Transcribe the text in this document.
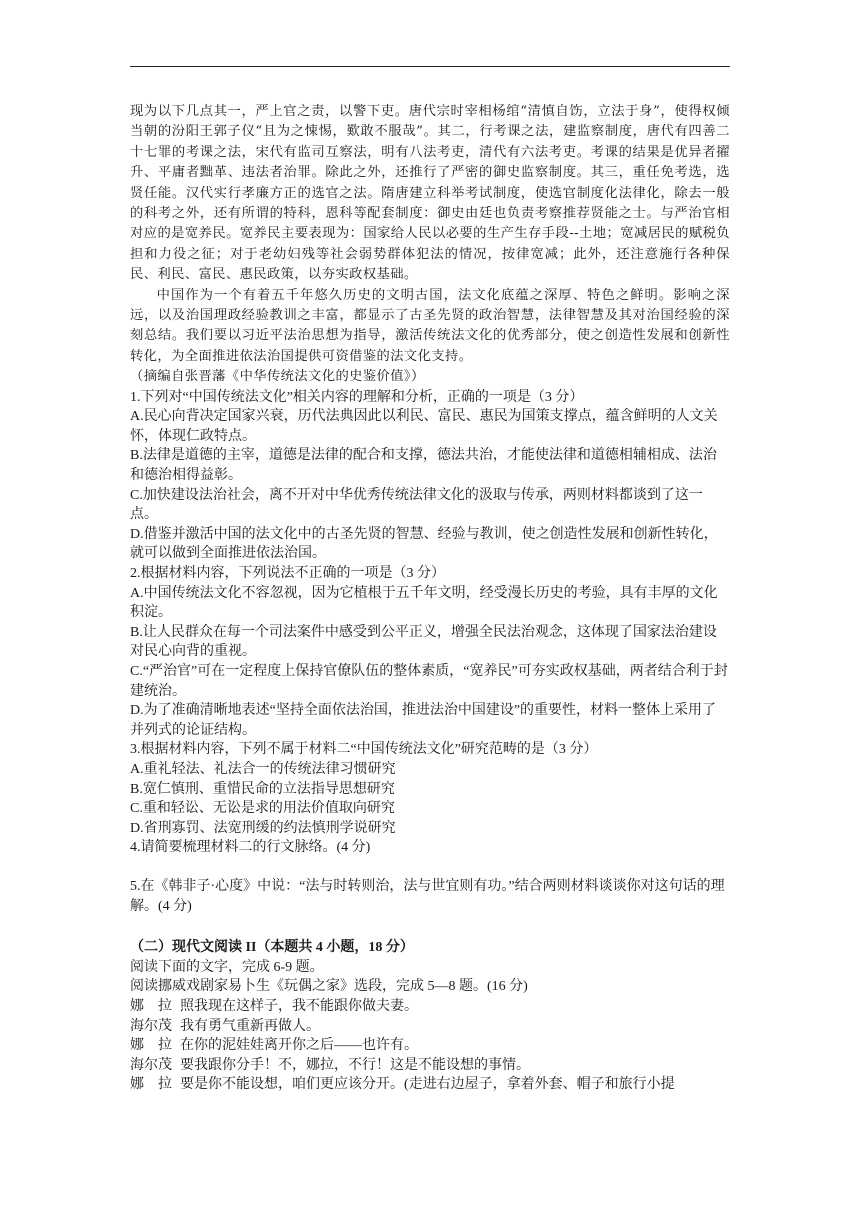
现为以下几点其一，严上官之责，以警下吏。唐代宗时宰相杨绾“清慎自饬，立法于身”，使得权倾当朝的汾阳王郭子仪“且为之悚惕，歎敢不服哉”。其二，行考课之法，建监察制度，唐代有四善二十七罪的考课之法，宋代有监司互察法，明有八法考吏，清代有六法考吏。考课的结果是优异者擢升、平庸者黜革、违法者治罪。除此之外，还推行了严密的御史监察制度。其三，重任免考选，选贤任能。汉代实行孝廉方正的选官之法。隋唐建立科举考试制度，使选官制度化法律化，除去一般的科考之外，还有所谓的特科，恩科等配套制度：御史由廷也负责考察推荐贤能之士。与严治官相对应的是宽养民。宽养民主要表现为：国家给人民以必要的生产生存手段--土地；宽减居民的赋税负担和力役之征；对于老幼妇残等社会弱势群体犯法的情况，按律宽减；此外，还注意施行各种保民、利民、富民、惠民政策，以夯实政权基础。

中国作为一个有着五千年悠久历史的文明古国，法文化底蕴之深厚、特色之鲜明。影响之深远，以及治国理政经验教训之丰富，都显示了古圣先贤的政治智慧，法律智慧及其对治国经验的深刻总结。我们要以习近平法治思想为指导，激活传统法文化的优秀部分，使之创造性发展和创新性转化，为全面推进依法治国提供可资借鉴的法文化支持。

（摘编自张晋藩《中华传统法文化的史鉴价值》）

1.下列对“中国传统法文化”相关内容的理解和分析，正确的一项是（3 分）

A.民心向背决定国家兴衰，历代法典因此以利民、富民、惠民为国策支撑点，蕴含鲜明的人文关怀，体现仁政特点。

B.法律是道德的主宰，道德是法律的配合和支撑，德法共治，才能使法律和道德相辅相成、法治和德治相得益彰。

C.加快建设法治社会，离不开对中华优秀传统法律文化的汲取与传承，两则材料都谈到了这一点。

D.借鉴并激活中国的法文化中的古圣先贤的智慧、经验与教训，使之创造性发展和创新性转化，就可以做到全面推进依法治国。

2.根据材料内容，下列说法不正确的一项是（3 分）

A.中国传统法文化不容忽视，因为它植根于五千年文明，经受漫长历史的考验，具有丰厚的文化积淀。

B.让人民群众在每一个司法案件中感受到公平正义，增强全民法治观念，这体现了国家法治建设对民心向背的重视。

C.“严治官”可在一定程度上保持官僚队伍的整体素质，“宽养民”可夯实政权基础，两者结合利于封建统治。

D.为了准确清晰地表述“坚持全面依法治国，推进法治中国建设”的重要性，材料一整体上采用了并列式的论证结构。

3.根据材料内容，下列不属于材料二“中国传统法文化”研究范畴的是（3 分）

A.重礼轻法、礼法合一的传统法律习惯研究

B.宽仁慎刑、重惜民命的立法指导思想研究

C.重和轻讼、无讼是求的用法价值取向研究

D.省刑寡罚、法宽刑缓的约法慎刑学说研究

4.请简要梳理材料二的行文脉络。(4 分)

5.在《韩非子·心度》中说：“法与时转则治，法与世宜则有功。”结合两则材料谈谈你对这句话的理解。(4 分)

（二）现代文阅读 II（本题共 4 小题，18 分）

阅读下面的文字，完成 6-9 题。

阅读挪威戏剧家易卜生《玩偶之家》选段，完成 5—8 题。(16 分)

娜　拉 照我现在这样子，我不能跟你做夫妻。
海尔茂 我有勇气重新再做人。
娜　拉 在你的泥娃娃离开你之后——也许有。
海尔茂 要我跟你分手！不，娜拉，不行！这是不能设想的事情。
娜　拉 要是你不能设想，咱们更应该分开。(走进右边屋子，拿着外套、帽子和旅行小提
